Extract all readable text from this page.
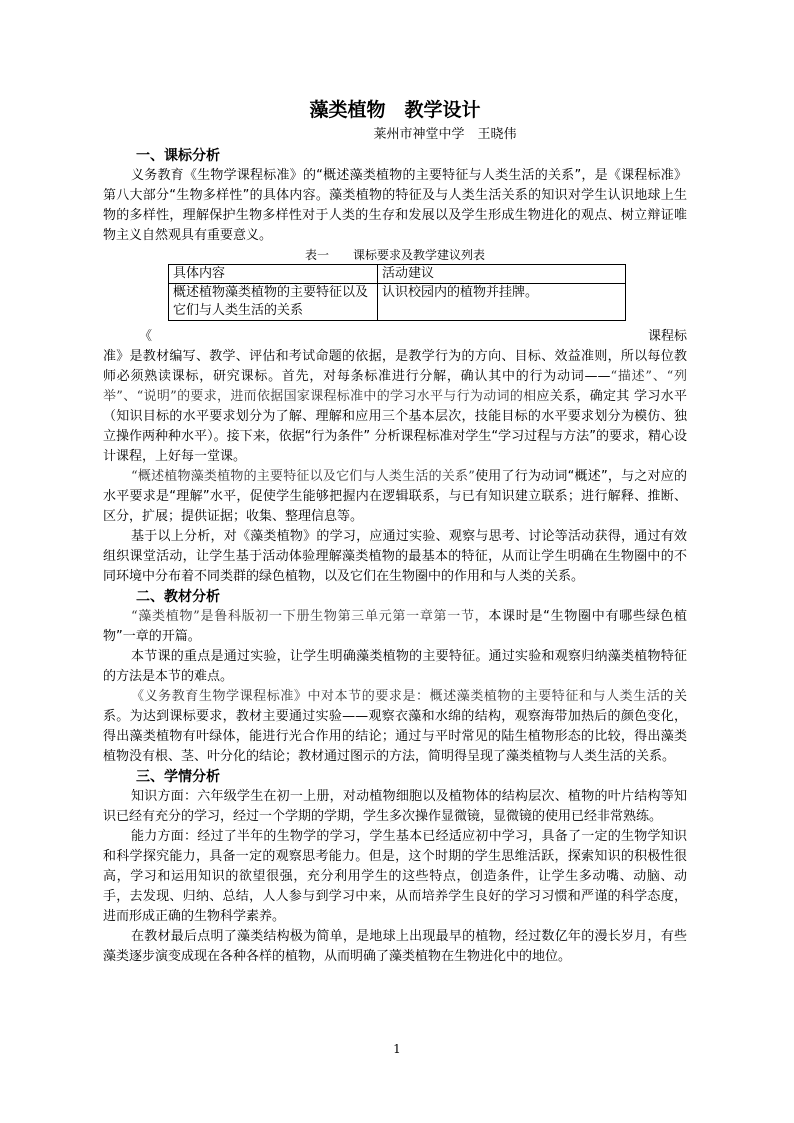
藻类植物　教学设计
莱州市神堂中学　王晓伟
一、课标分析

义务教育《生物学课程标准》的“概述藻类植物的主要特征与人类生活的关系”，是《课程标准》第八大部分“生物多样性”的具体内容。藻类植物的特征及与人类生活关系的知识对学生认识地球上生物的多样性，理解保护生物多样性对于人类的生存和发展以及学生形成生物进化的观点、树立辩证唯物主义自然观具有重要意义。

表一　　课标要求及教学建议列表
具体内容	活动建议
概述植物藻类植物的主要特征以及它们与人类生活的关系	认识校园内的植物并挂牌。
《	课程标

准》是教材编写、教学、评估和考试命题的依据，是教学行为的方向、目标、效益准则，所以每位教师必须熟读课标，研究课标。首先，对每条标准进行分解，确认其中的行为动词——“描述”、“列举”、“说明”的要求，进而依据国家课程标准中的学习水平与行为动词的相应关系，确定其 学习水平（知识目标的水平要求划分为了解、理解和应用三个基本层次，技能目标的水平要求划分为模仿、独立操作两种种水平）。接下来，依据“行为条件” 分析课程标准对学生“学习过程与方法”的要求，精心设计课程，上好每一堂课。

“概述植物藻类植物的主要特征以及它们与人类生活的关系”使用了行为动词“概述”，与之对应的水平要求是“理解”水平，促使学生能够把握内在逻辑联系，与已有知识建立联系；进行解释、推断、区分，扩展；提供证据；收集、整理信息等。

基于以上分析，对《藻类植物》的学习，应通过实验、观察与思考、讨论等活动获得，通过有效组织课堂活动，让学生基于活动体验理解藻类植物的最基本的特征，从而让学生明确在生物圈中的不同环境中分布着不同类群的绿色植物，以及它们在生物圈中的作用和与人类的关系。

二、教材分析

“藻类植物”是鲁科版初一下册生物第三单元第一章第一节，本课时是“生物圈中有哪些绿色植物”一章的开篇。

本节课的重点是通过实验，让学生明确藻类植物的主要特征。通过实验和观察归纳藻类植物特征的方法是本节的难点。

《义务教育生物学课程标准》中对本节的要求是：概述藻类植物的主要特征和与人类生活的关系。为达到课标要求，教材主要通过实验——观察衣藻和水绵的结构，观察海带加热后的颜色变化，得出藻类植物有叶绿体，能进行光合作用的结论；通过与平时常见的陆生植物形态的比较，得出藻类植物没有根、茎、叶分化的结论；教材通过图示的方法，简明得呈现了藻类植物与人类生活的关系。

三、学情分析

知识方面：六年级学生在初一上册，对动植物细胞以及植物体的结构层次、植物的叶片结构等知识已经有充分的学习，经过一个学期的学期，学生多次操作显微镜，显微镜的使用已经非常熟练。

能力方面：经过了半年的生物学的学习，学生基本已经适应初中学习，具备了一定的生物学知识和科学探究能力，具备一定的观察思考能力。但是，这个时期的学生思维活跃，探索知识的积极性很高，学习和运用知识的欲望很强，充分利用学生的这些特点，创造条件，让学生多动嘴、动脑、动手，去发现、归纳、总结，人人参与到学习中来，从而培养学生良好的学习习惯和严谨的科学态度，进而形成正确的生物科学素养。

在教材最后点明了藻类结构极为简单，是地球上出现最早的植物，经过数亿年的漫长岁月，有些藻类逐步演变成现在各种各样的植物，从而明确了藻类植物在生物进化中的地位。

1
